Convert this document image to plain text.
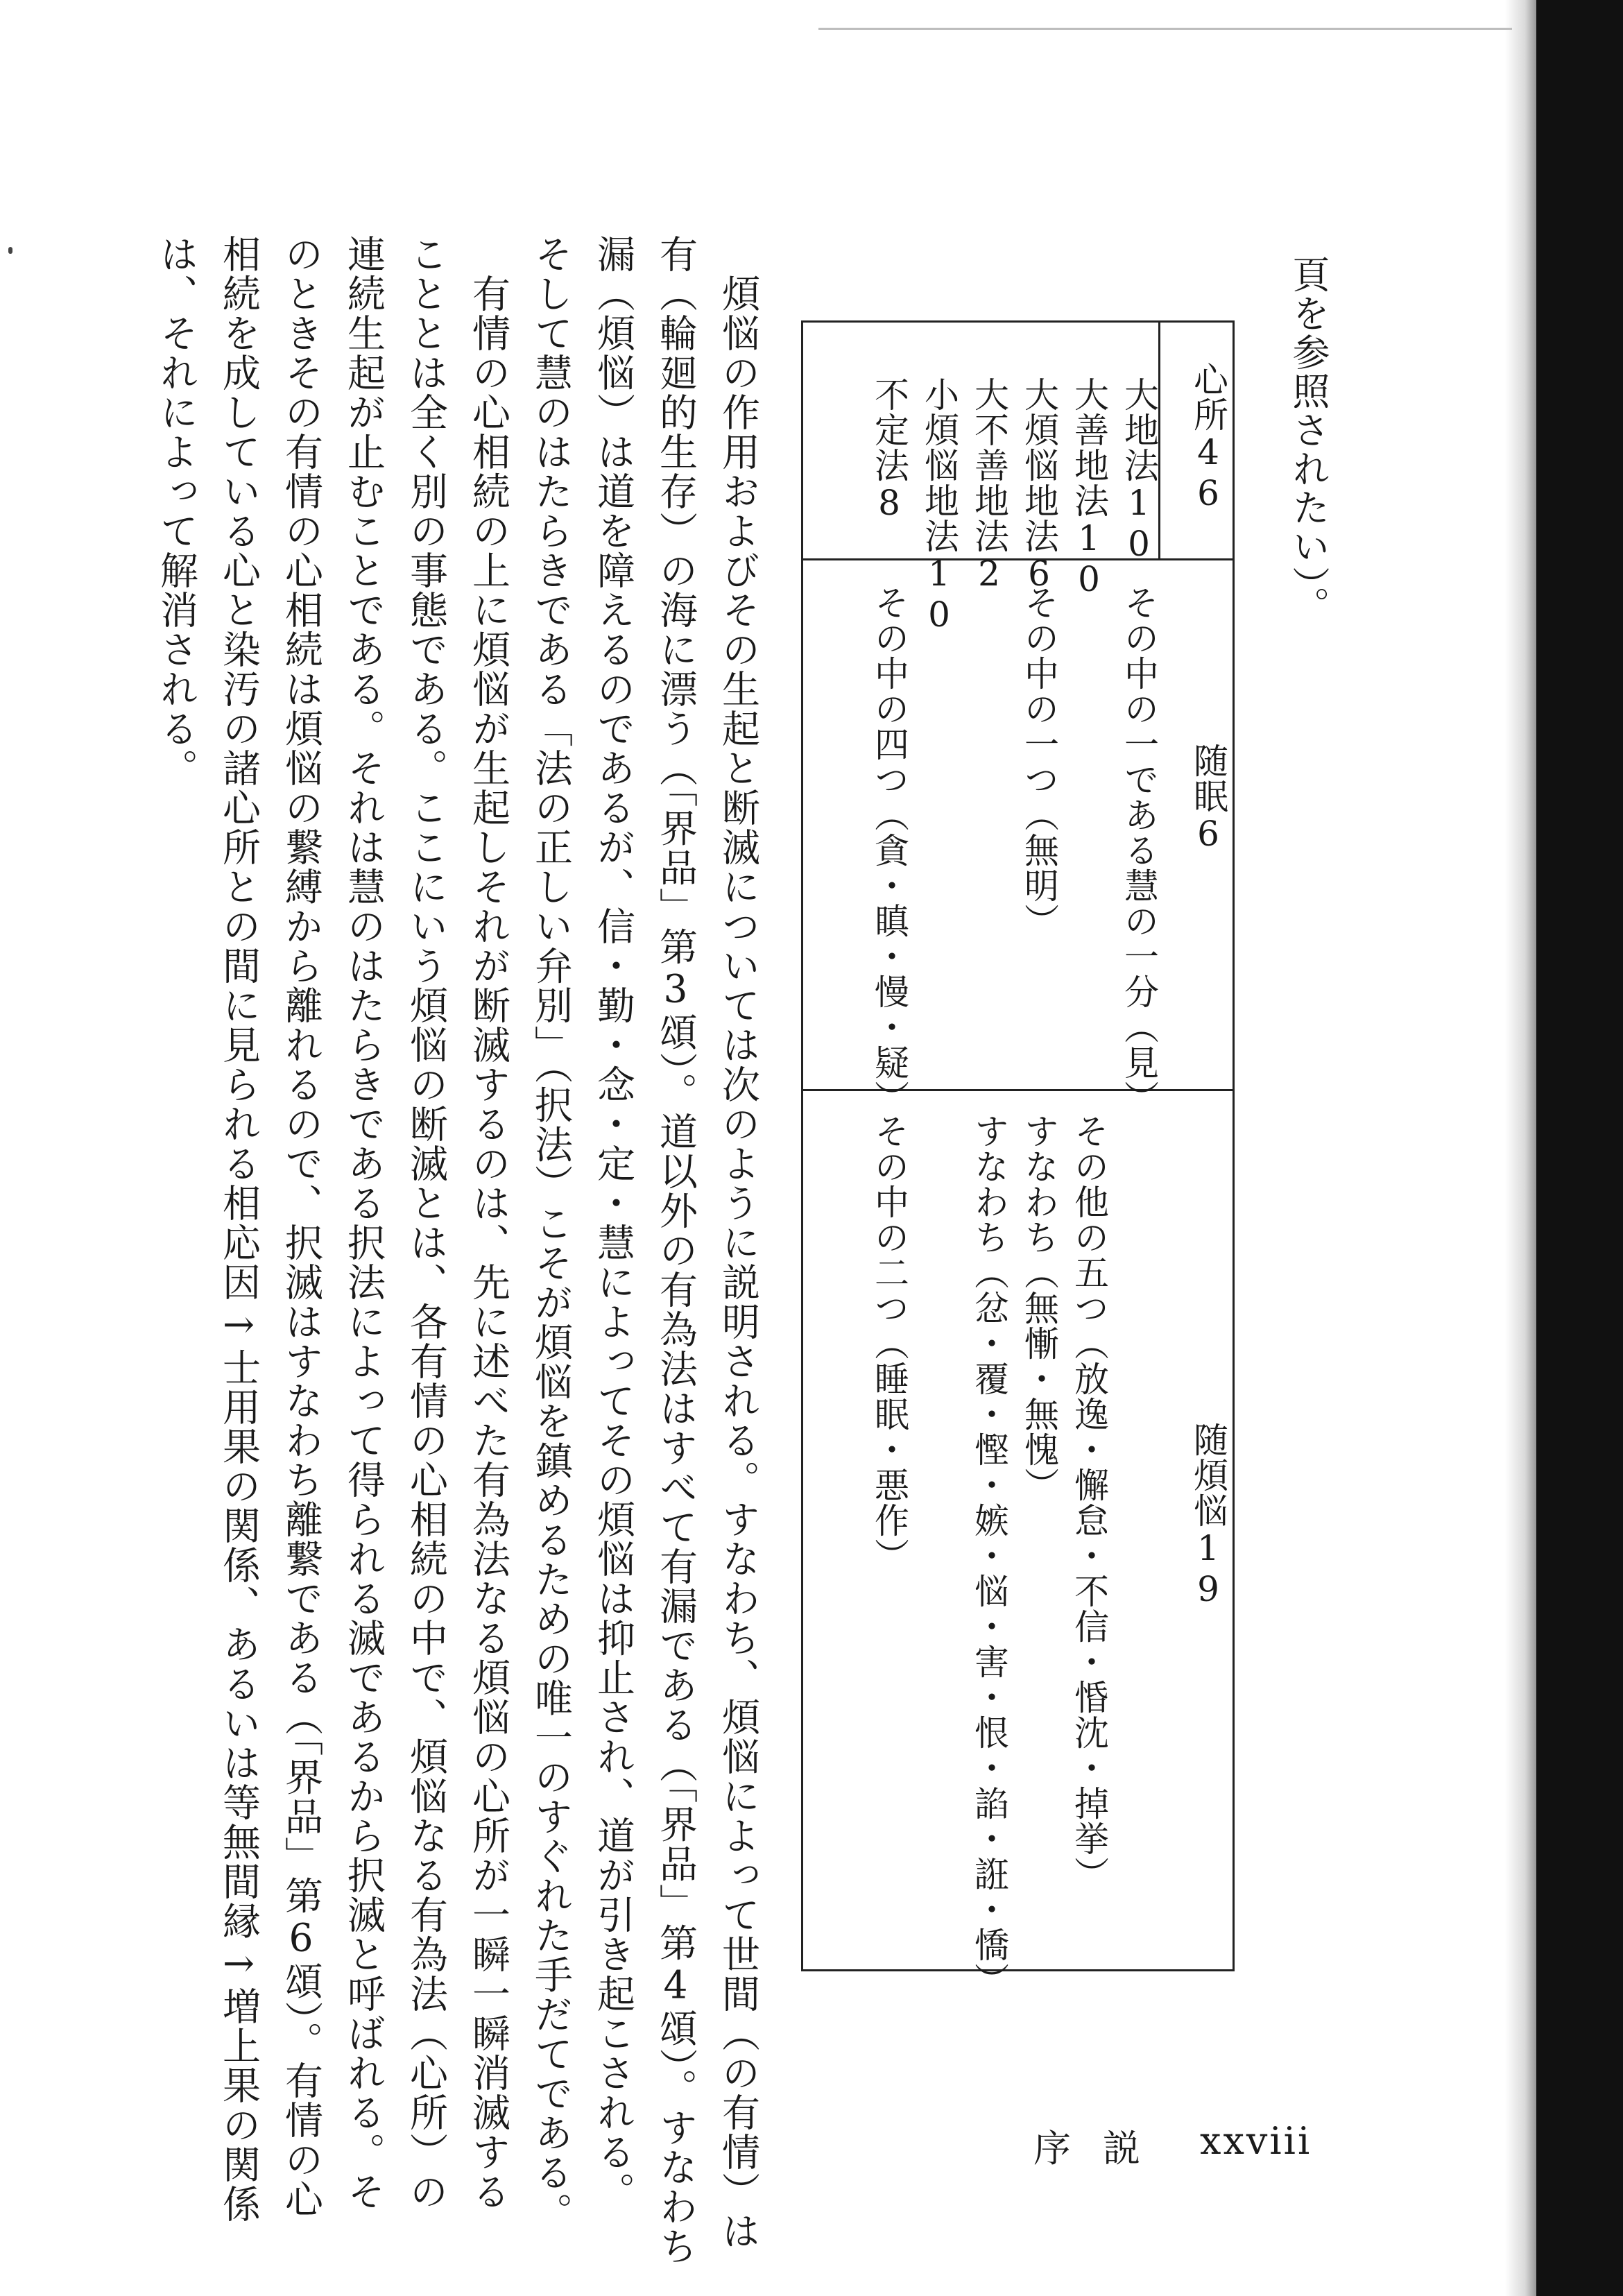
頁を参照されたい）。
心所46
随眠6
随煩悩19
大地法10
大善地法10
大煩悩地法6
大不善地法2
小煩悩地法10
不定法8
その中の一である慧の一分（見）
その中の一つ（無明）
その中の四つ（貪・瞋・慢・疑）
その他の五つ（放逸・懈怠・不信・惛沈・掉挙）
すなわち（無慚・無愧）
すなわち（忿・覆・慳・嫉・悩・害・恨・諂・誑・憍）
その中の二つ（睡眠・悪作）
煩悩の作用およびその生起と断滅については次のように説明される。すなわち、煩悩によって世間（の有情）は
有（輪廻的生存）の海に漂う（「界品」第3頌）。道以外の有為法はすべて有漏である（「界品」第4頌）。すなわち
漏（煩悩）は道を障えるのであるが、信・勤・念・定・慧によってその煩悩は抑止され、道が引き起こされる。
そして慧のはたらきである「法の正しい弁別」（択法）こそが煩悩を鎮めるための唯一のすぐれた手だてである。
有情の心相続の上に煩悩が生起しそれが断滅するのは、先に述べた有為法なる煩悩の心所が一瞬一瞬消滅する
こととは全く別の事態である。ここにいう煩悩の断滅とは、各有情の心相続の中で、煩悩なる有為法（心所）の
連続生起が止むことである。それは慧のはたらきである択法によって得られる滅であるから択滅と呼ばれる。そ
のときその有情の心相続は煩悩の繋縛から離れるので、択滅はすなわち離繋である（「界品」第6頌）。有情の心
相続を成している心と染汚の諸心所との間に見られる相応因→士用果の関係、あるいは等無間縁→増上果の関係
は、それによって解消される。
序説 xxviii
